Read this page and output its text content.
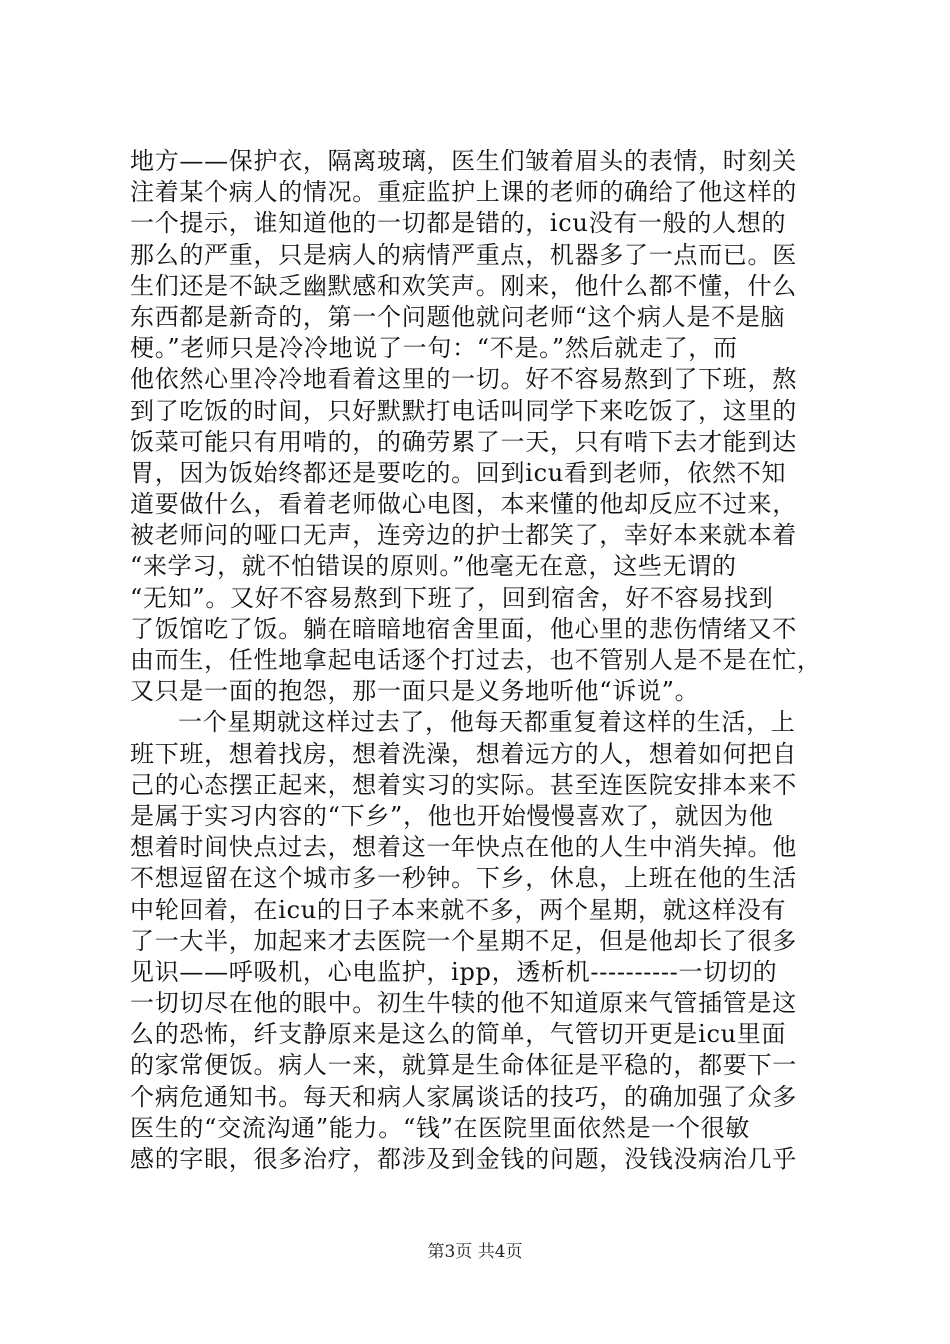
地方——保护衣，隔离玻璃，医生们皱着眉头的表情，时刻关
注着某个病人的情况。重症监护上课的老师的确给了他这样的
一个提示，谁知道他的一切都是错的，icu没有一般的人想的
那么的严重，只是病人的病情严重点，机器多了一点而已。医
生们还是不缺乏幽默感和欢笑声。刚来，他什么都不懂，什么
东西都是新奇的，第一个问题他就问老师“这个病人是不是脑
梗。”老师只是冷冷地说了一句：“不是。”然后就走了，而
他依然心里冷冷地看着这里的一切。好不容易熬到了下班，熬
到了吃饭的时间，只好默默打电话叫同学下来吃饭了，这里的
饭菜可能只有用啃的，的确劳累了一天，只有啃下去才能到达
胃，因为饭始终都还是要吃的。回到icu看到老师，依然不知
道要做什么，看着老师做心电图，本来懂的他却反应不过来，
被老师问的哑口无声，连旁边的护士都笑了，幸好本来就本着
“来学习，就不怕错误的原则。”他毫无在意，这些无谓的
“无知”。又好不容易熬到下班了，回到宿舍，好不容易找到
了饭馆吃了饭。躺在暗暗地宿舍里面，他心里的悲伤情绪又不
由而生，任性地拿起电话逐个打过去，也不管别人是不是在忙，
又只是一面的抱怨，那一面只是义务地听他“诉说”。
一个星期就这样过去了，他每天都重复着这样的生活，上
班下班，想着找房，想着洗澡，想着远方的人，想着如何把自
己的心态摆正起来，想着实习的实际。甚至连医院安排本来不
是属于实习内容的“下乡”，他也开始慢慢喜欢了，就因为他
想着时间快点过去，想着这一年快点在他的人生中消失掉。他
不想逗留在这个城市多一秒钟。下乡，休息，上班在他的生活
中轮回着，在icu的日子本来就不多，两个星期，就这样没有
了一大半，加起来才去医院一个星期不足，但是他却长了很多
见识——呼吸机，心电监护，ipp，透析机----------一切切的
一切切尽在他的眼中。初生牛犊的他不知道原来气管插管是这
么的恐怖，纤支静原来是这么的简单，气管切开更是icu里面
的家常便饭。病人一来，就算是生命体征是平稳的，都要下一
个病危通知书。每天和病人家属谈话的技巧，的确加强了众多
医生的“交流沟通”能力。“钱”在医院里面依然是一个很敏
感的字眼，很多治疗，都涉及到金钱的问题，没钱没病治几乎
第3页 共4页
